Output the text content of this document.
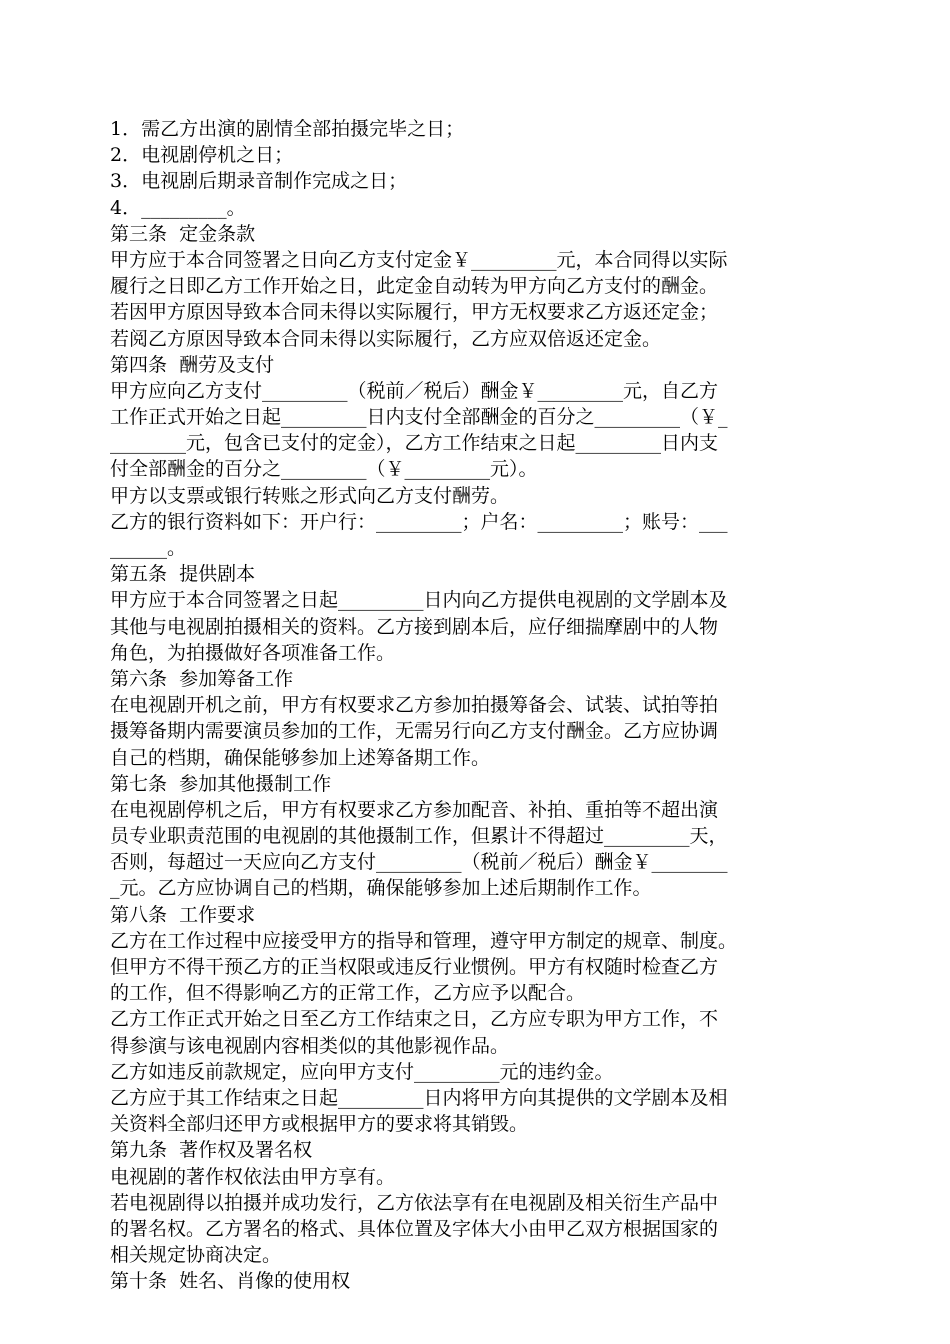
1．需乙方出演的剧情全部拍摄完毕之日；
2．电视剧停机之日；
3．电视剧后期录音制作完成之日；
4．_________。
第三条  定金条款
甲方应于本合同签署之日向乙方支付定金￥_________元，本合同得以实际
履行之日即乙方工作开始之日，此定金自动转为甲方向乙方支付的酬金。
若因甲方原因导致本合同未得以实际履行，甲方无权要求乙方返还定金；
若阅乙方原因导致本合同未得以实际履行，乙方应双倍返还定金。
第四条  酬劳及支付
甲方应向乙方支付_________（税前／税后）酬金￥_________元，自乙方
工作正式开始之日起_________日内支付全部酬金的百分之_________（￥_
________元，包含已支付的定金），乙方工作结束之日起_________日内支
付全部酬金的百分之_________（￥_________元）。
甲方以支票或银行转账之形式向乙方支付酬劳。
乙方的银行资料如下：开户行：_________；户名：_________；账号：___
______。
第五条  提供剧本
甲方应于本合同签署之日起_________日内向乙方提供电视剧的文学剧本及
其他与电视剧拍摄相关的资料。乙方接到剧本后，应仔细揣摩剧中的人物
角色，为拍摄做好各项准备工作。
第六条  参加筹备工作
在电视剧开机之前，甲方有权要求乙方参加拍摄筹备会、试装、试拍等拍
摄筹备期内需要演员参加的工作，无需另行向乙方支付酬金。乙方应协调
自己的档期，确保能够参加上述筹备期工作。
第七条  参加其他摄制工作
在电视剧停机之后，甲方有权要求乙方参加配音、补拍、重拍等不超出演
员专业职责范围的电视剧的其他摄制工作，但累计不得超过_________天，
否则，每超过一天应向乙方支付_________（税前／税后）酬金￥________
_元。乙方应协调自己的档期，确保能够参加上述后期制作工作。
第八条  工作要求
乙方在工作过程中应接受甲方的指导和管理，遵守甲方制定的规章、制度。
但甲方不得干预乙方的正当权限或违反行业惯例。甲方有权随时检查乙方
的工作，但不得影响乙方的正常工作，乙方应予以配合。
乙方工作正式开始之日至乙方工作结束之日，乙方应专职为甲方工作，不
得参演与该电视剧内容相类似的其他影视作品。
乙方如违反前款规定，应向甲方支付_________元的违约金。
乙方应于其工作结束之日起_________日内将甲方向其提供的文学剧本及相
关资料全部归还甲方或根据甲方的要求将其销毁。
第九条  著作权及署名权
电视剧的著作权依法由甲方享有。
若电视剧得以拍摄并成功发行，乙方依法享有在电视剧及相关衍生产品中
的署名权。乙方署名的格式、具体位置及字体大小由甲乙双方根据国家的
相关规定协商决定。
第十条  姓名、肖像的使用权
